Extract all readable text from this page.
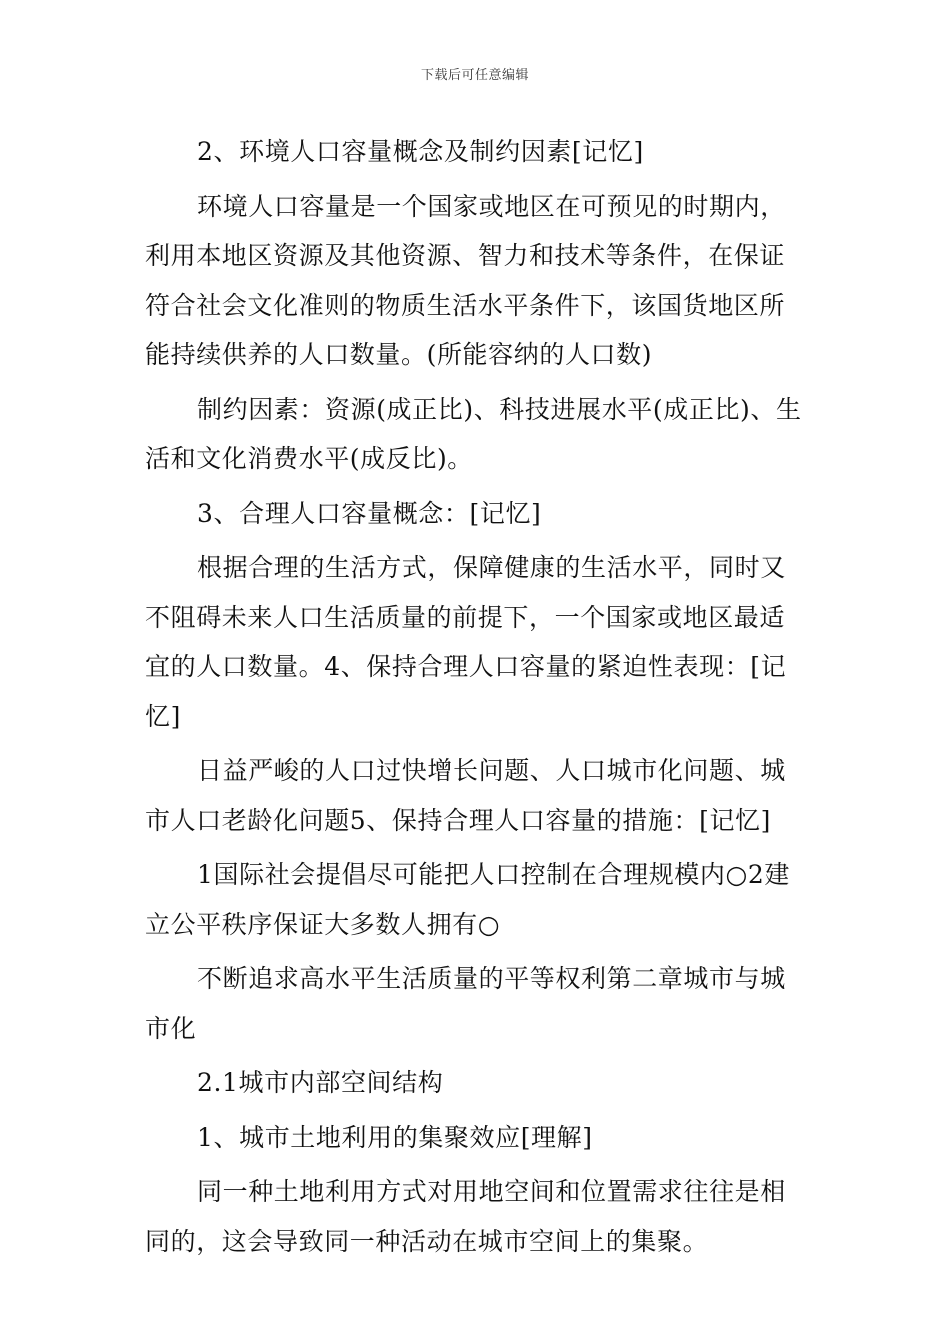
下载后可任意编辑

2、环境人口容量概念及制约因素[记忆]

环境人口容量是一个国家或地区在可预见的时期内，利用本地区资源及其他资源、智力和技术等条件，在保证符合社会文化准则的物质生活水平条件下，该国货地区所能持续供养的人口数量。(所能容纳的人口数)

制约因素：资源(成正比)、科技进展水平(成正比)、生活和文化消费水平(成反比)。

3、合理人口容量概念：[记忆]

根据合理的生活方式，保障健康的生活水平，同时又不阻碍未来人口生活质量的前提下，一个国家或地区最适宜的人口数量。4、保持合理人口容量的紧迫性表现：[记忆]

日益严峻的人口过快增长问题、人口城市化问题、城市人口老龄化问题5、保持合理人口容量的措施：[记忆]

1国际社会提倡尽可能把人口控制在合理规模内○2建立公平秩序保证大多数人拥有○

不断追求高水平生活质量的平等权利第二章城市与城市化

2.1城市内部空间结构

1、城市土地利用的集聚效应[理解]

同一种土地利用方式对用地空间和位置需求往往是相同的，这会导致同一种活动在城市空间上的集聚。
